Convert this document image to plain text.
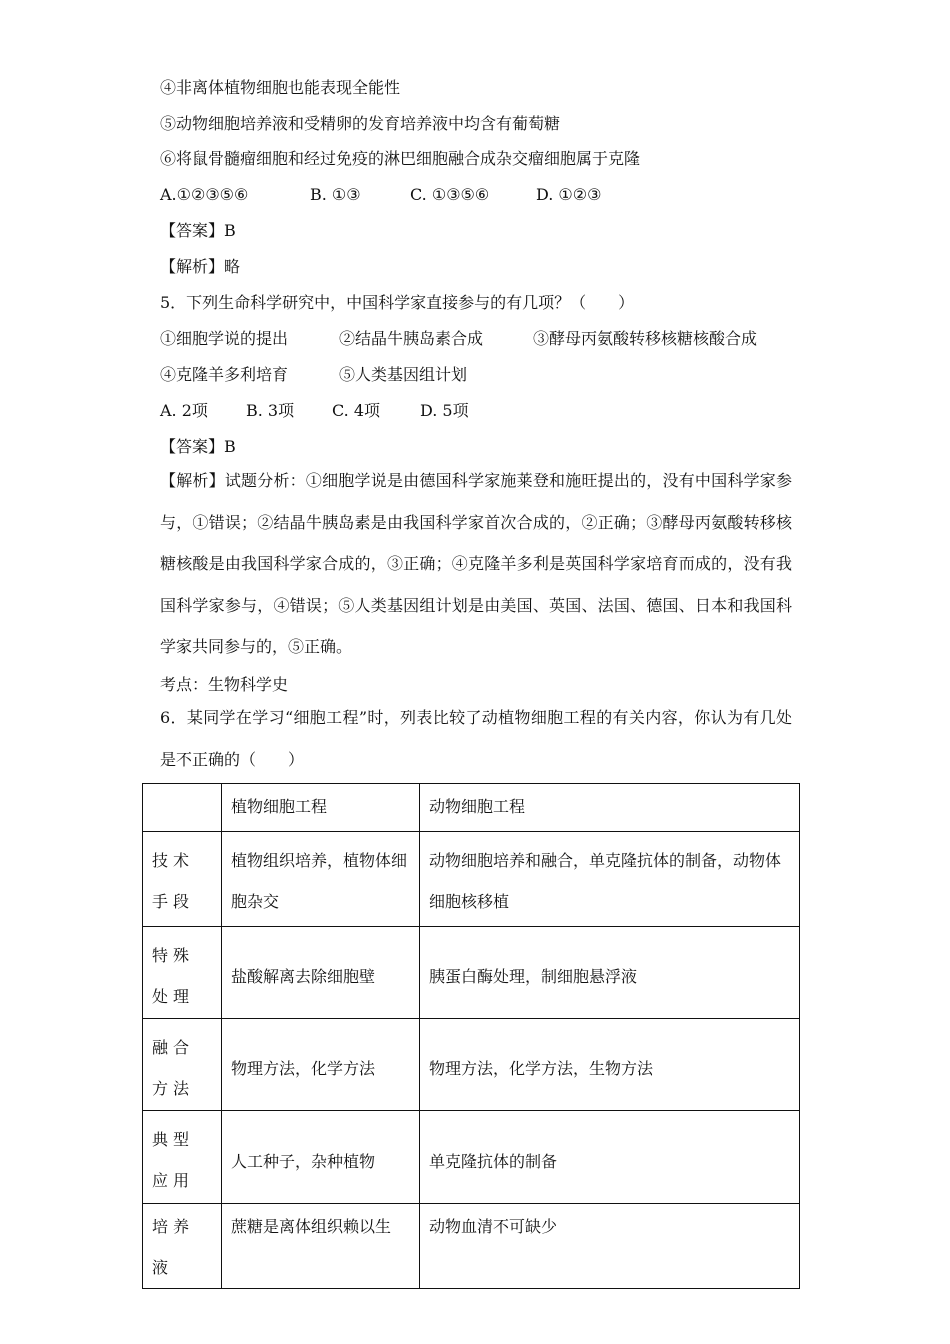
④非离体植物细胞也能表现全能性
⑤动物细胞培养液和受精卵的发育培养液中均含有葡萄糖
⑥将鼠骨髓瘤细胞和经过免疫的淋巴细胞融合成杂交瘤细胞属于克隆
A.①②③⑤⑥	B. ①③	C. ①③⑤⑥	D. ①②③
【答案】B
【解析】略
5．下列生命科学研究中，中国科学家直接参与的有几项？（　　）
①细胞学说的提出	②结晶牛胰岛素合成	③酵母丙氨酸转移核糖核酸合成
④克隆羊多利培育	⑤人类基因组计划
A. 2项 B. 3项 C. 4项 D. 5项
【答案】B
【解析】试题分析：①细胞学说是由德国科学家施莱登和施旺提出的，没有中国科学家参与，①错误；②结晶牛胰岛素是由我国科学家首次合成的，②正确；③酵母丙氨酸转移核糖核酸是由我国科学家合成的，③正确；④克隆羊多利是英国科学家培育而成的，没有我国科学家参与，④错误；⑤人类基因组计划是由美国、英国、法国、德国、日本和我国科学家共同参与的，⑤正确。
考点：生物科学史
6．某同学在学习“细胞工程”时，列表比较了动植物细胞工程的有关内容，你认为有几处是不正确的（　　）
	植物细胞工程	动物细胞工程
技术手段	植物组织培养，植物体细胞杂交	动物细胞培养和融合，单克隆抗体的制备，动物体细胞核移植
特殊处理	盐酸解离去除细胞壁	胰蛋白酶处理，制细胞悬浮液
融合方法	物理方法，化学方法	物理方法，化学方法，生物方法
典型应用	人工种子，杂种植物	单克隆抗体的制备
培养液	蔗糖是离体组织赖以生	动物血清不可缺少
